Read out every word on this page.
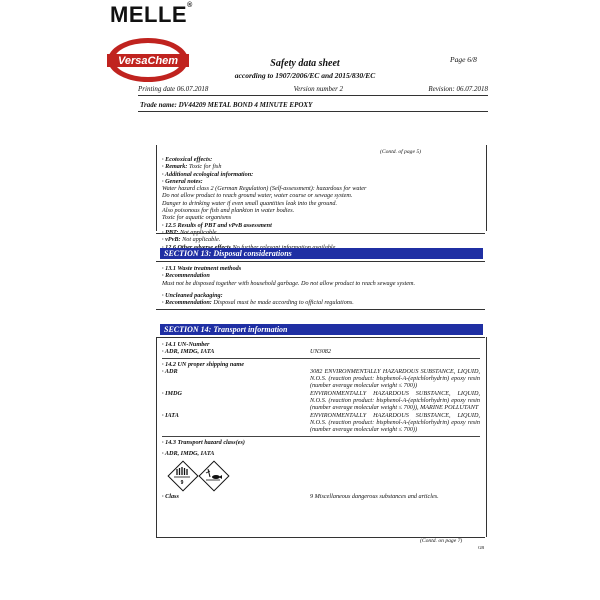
MELLE®
VersaChem	Page 6/8
Safety data sheet
according to 1907/2006/EC and 2015/830/EC
Printing date 06.07.2018	Version number 2	Revision: 06.07.2018
Trade name: DV44209 METAL BOND 4 MINUTE EPOXY
(Contd. of page 5)
· Ecotoxical effects:
· Remark: Toxic for fish
· Additional ecological information:
· General notes:
Water hazard class 2 (German Regulation) (Self-assessment): hazardous for water
Do not allow product to reach ground water, water course or sewage system.
Danger to drinking water if even small quantities leak into the ground.
Also poisonous for fish and plankton in water bodies.
Toxic for aquatic organisms
· 12.5 Results of PBT and vPvB assessment
· PBT: Not applicable.
· vPvB: Not applicable.
SECTION 13: Disposal considerations
· 13.1 Waste treatment methods
· Recommendation
Must not be disposed together with household garbage. Do not allow product to reach sewage system.
· Uncleaned packaging:
· Recommendation: Disposal must be made according to official regulations.
SECTION 14: Transport information
· 14.1 UN-Number
· ADR, IMDG, IATA	UN3082
· 14.2 UN proper shipping name
· ADR	3082 ENVIRONMENTALLY HAZARDOUS SUBSTANCE, LIQUID, N.O.S. (reaction product: bisphenol-A-(epichlorhydrin) epoxy resin (number average molecular weight ≤ 700))
· IMDG	ENVIRONMENTALLY HAZARDOUS SUBSTANCE, LIQUID, N.O.S. (reaction product: bisphenol-A-(epichlorhydrin) epoxy resin (number average molecular weight ≤ 700)), MARINE POLLUTANT
· IATA	ENVIRONMENTALLY HAZARDOUS SUBSTANCE, LIQUID, N.O.S. (reaction product: bisphenol-A-(epichlorhydrin) epoxy resin (number average molecular weight ≤ 700))
· 14.3 Transport hazard class(es)
· ADR, IMDG, IATA
9
· Class	9 Miscellaneous dangerous substances and articles.
(Contd. on page 7)
GB
